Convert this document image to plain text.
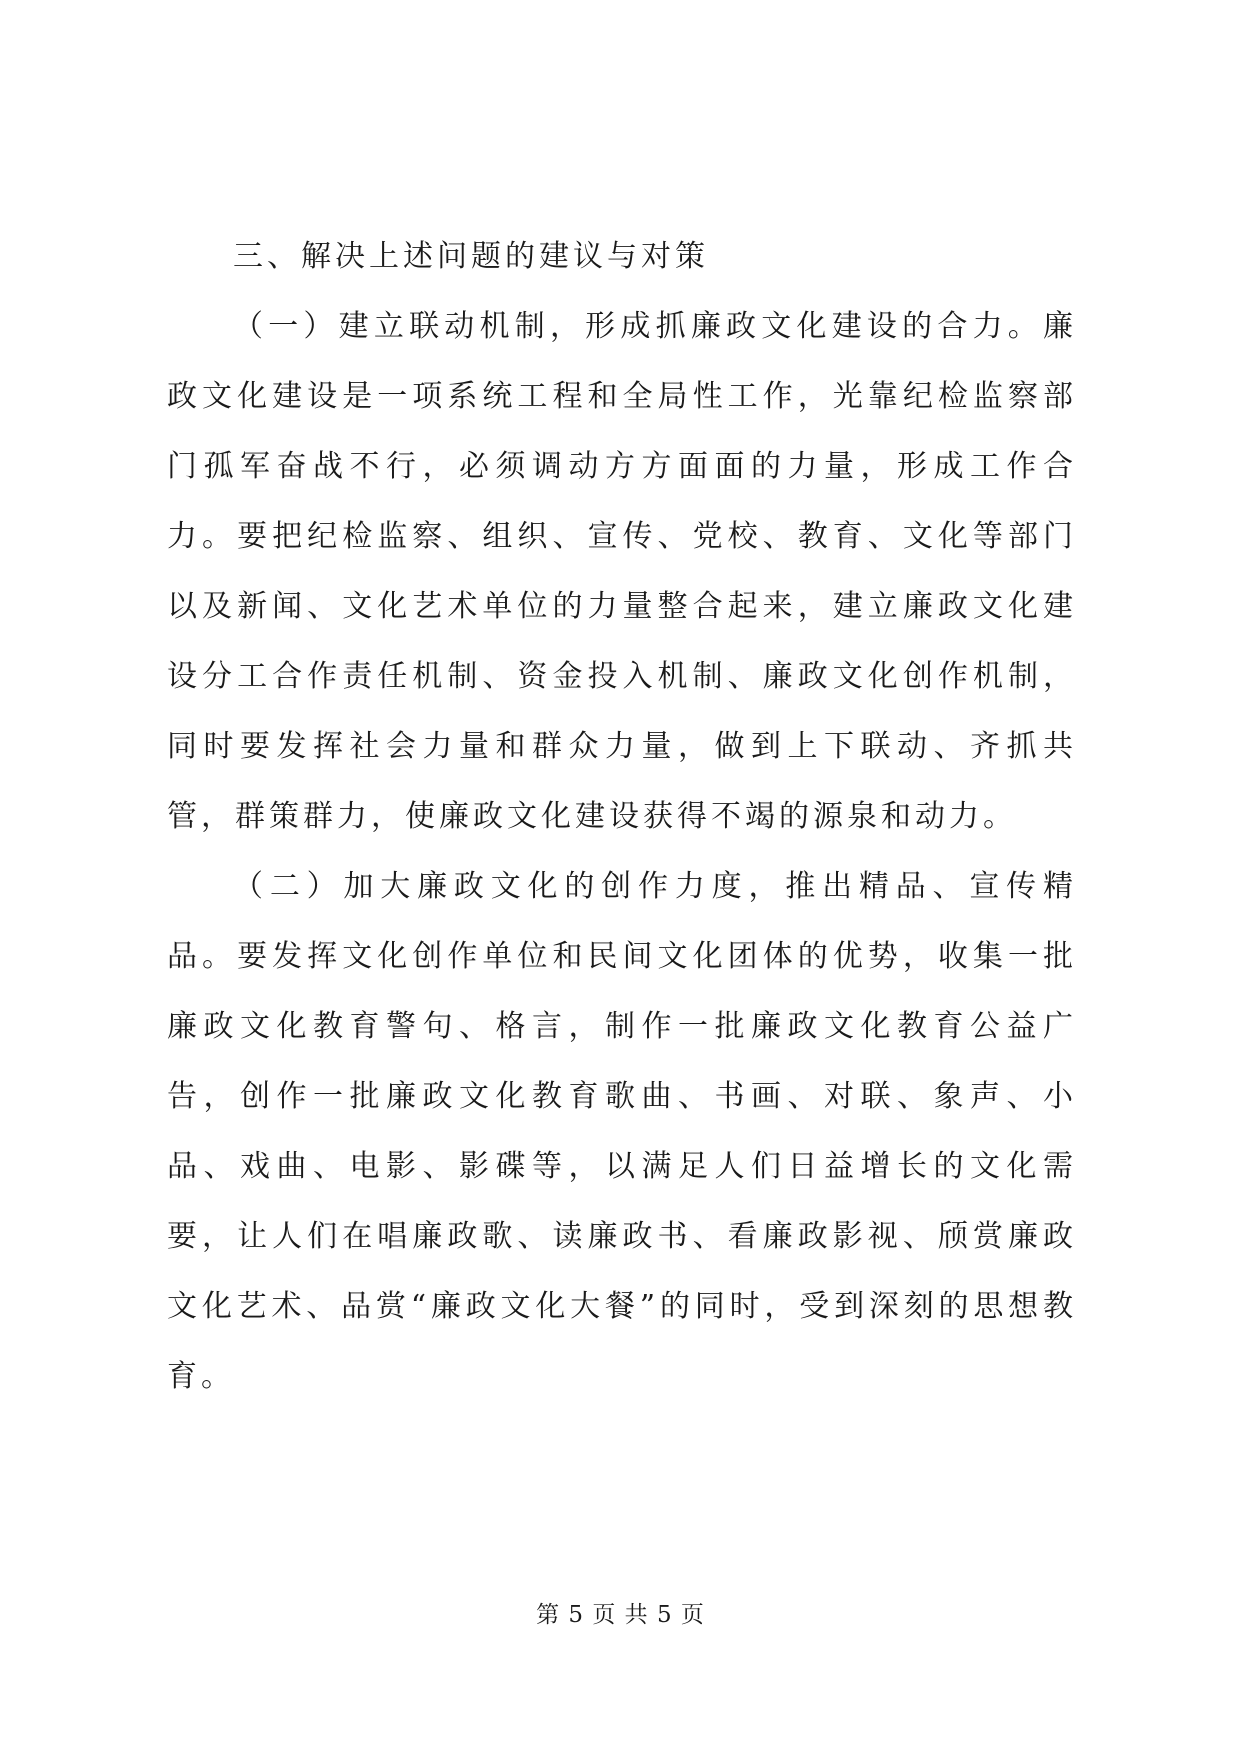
三、解决上述问题的建议与对策

（一）建立联动机制，形成抓廉政文化建设的合力。廉政文化建设是一项系统工程和全局性工作，光靠纪检监察部门孤军奋战不行，必须调动方方面面的力量，形成工作合力。要把纪检监察、组织、宣传、党校、教育、文化等部门以及新闻、文化艺术单位的力量整合起来，建立廉政文化建设分工合作责任机制、资金投入机制、廉政文化创作机制，同时要发挥社会力量和群众力量，做到上下联动、齐抓共管，群策群力，使廉政文化建设获得不竭的源泉和动力。

（二）加大廉政文化的创作力度，推出精品、宣传精品。要发挥文化创作单位和民间文化团体的优势，收集一批廉政文化教育警句、格言，制作一批廉政文化教育公益广告，创作一批廉政文化教育歌曲、书画、对联、象声、小品、戏曲、电影、影碟等，以满足人们日益增长的文化需要，让人们在唱廉政歌、读廉政书、看廉政影视、颀赏廉政文化艺术、品赏“廉政文化大餐”的同时，受到深刻的思想教育。

第 5 页 共 5 页
